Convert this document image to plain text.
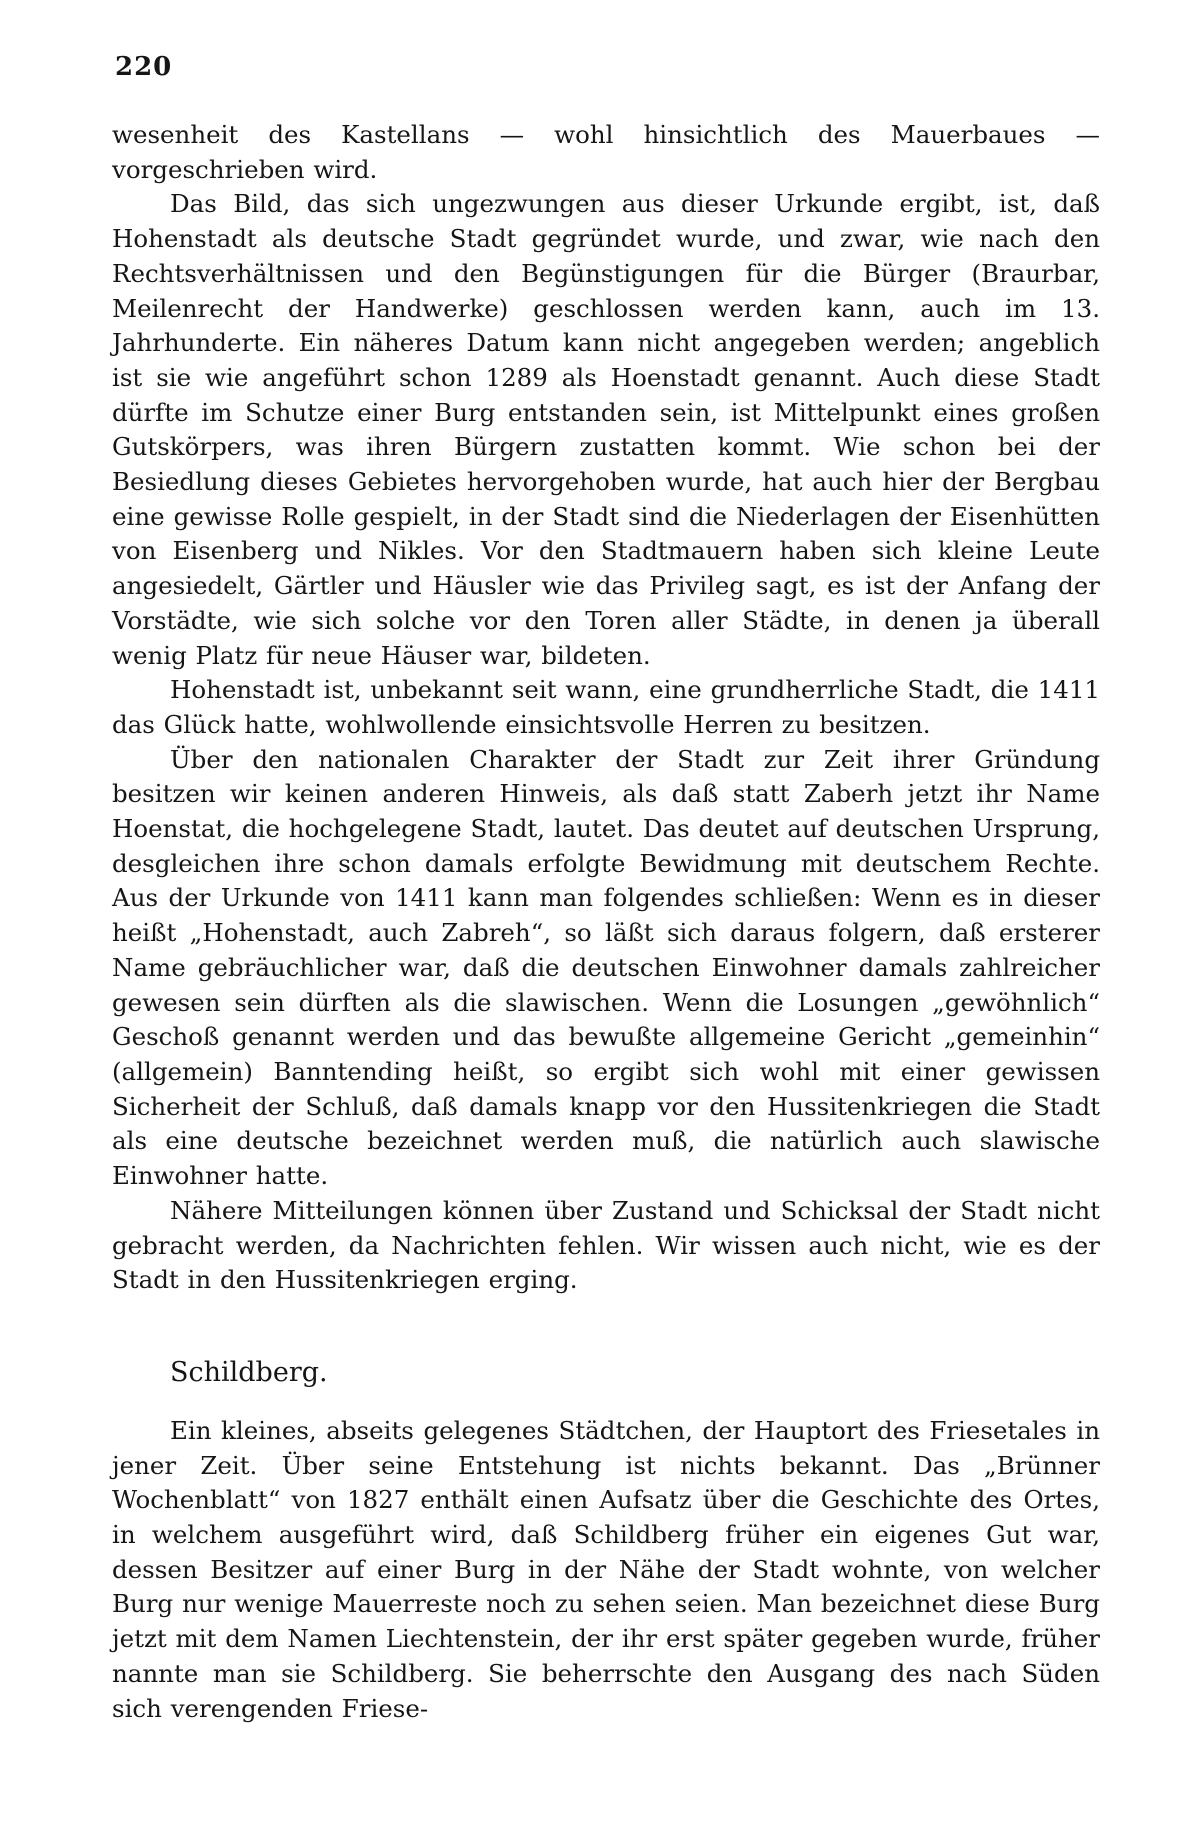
220

wesenheit des Kastellans — wohl hinsichtlich des Mauerbaues — vorgeschrieben wird.

Das Bild, das sich ungezwungen aus dieser Urkunde ergibt, ist, daß Hohenstadt als deutsche Stadt gegründet wurde, und zwar, wie nach den Rechtsverhältnissen und den Begünstigungen für die Bürger (Braurbar, Meilenrecht der Handwerke) geschlossen werden kann, auch im 13. Jahrhunderte. Ein näheres Datum kann nicht angegeben werden; angeblich ist sie wie angeführt schon 1289 als Hoenstadt genannt. Auch diese Stadt dürfte im Schutze einer Burg entstanden sein, ist Mittelpunkt eines großen Gutskörpers, was ihren Bürgern zustatten kommt. Wie schon bei der Besiedlung dieses Gebietes hervorgehoben wurde, hat auch hier der Bergbau eine gewisse Rolle gespielt, in der Stadt sind die Niederlagen der Eisenhütten von Eisenberg und Nikles. Vor den Stadtmauern haben sich kleine Leute angesiedelt, Gärtler und Häusler wie das Privileg sagt, es ist der Anfang der Vorstädte, wie sich solche vor den Toren aller Städte, in denen ja überall wenig Platz für neue Häuser war, bildeten.

Hohenstadt ist, unbekannt seit wann, eine grundherrliche Stadt, die 1411 das Glück hatte, wohlwollende einsichtsvolle Herren zu besitzen.

Über den nationalen Charakter der Stadt zur Zeit ihrer Gründung besitzen wir keinen anderen Hinweis, als daß statt Zaberh jetzt ihr Name Hoenstat, die hochgelegene Stadt, lautet. Das deutet auf deutschen Ursprung, desgleichen ihre schon damals erfolgte Bewidmung mit deutschem Rechte. Aus der Urkunde von 1411 kann man folgendes schließen: Wenn es in dieser heißt „Hohenstadt, auch Zabreh“, so läßt sich daraus folgern, daß ersterer Name gebräuchlicher war, daß die deutschen Einwohner damals zahlreicher gewesen sein dürften als die slawischen. Wenn die Losungen „gewöhnlich“ Geschoß genannt werden und das bewußte allgemeine Gericht „gemeinhin“ (allgemein) Banntending heißt, so ergibt sich wohl mit einer gewissen Sicherheit der Schluß, daß damals knapp vor den Hussitenkriegen die Stadt als eine deutsche bezeichnet werden muß, die natürlich auch slawische Einwohner hatte.

Nähere Mitteilungen können über Zustand und Schicksal der Stadt nicht gebracht werden, da Nachrichten fehlen. Wir wissen auch nicht, wie es der Stadt in den Hussitenkriegen erging.

Schildberg.

Ein kleines, abseits gelegenes Städtchen, der Hauptort des Friesetales in jener Zeit. Über seine Entstehung ist nichts bekannt. Das „Brünner Wochenblatt“ von 1827 enthält einen Aufsatz über die Geschichte des Ortes, in welchem ausgeführt wird, daß Schildberg früher ein eigenes Gut war, dessen Besitzer auf einer Burg in der Nähe der Stadt wohnte, von welcher Burg nur wenige Mauerreste noch zu sehen seien. Man bezeichnet diese Burg jetzt mit dem Namen Liechtenstein, der ihr erst später gegeben wurde, früher nannte man sie Schildberg. Sie beherrschte den Ausgang des nach Süden sich verengenden Friese-
